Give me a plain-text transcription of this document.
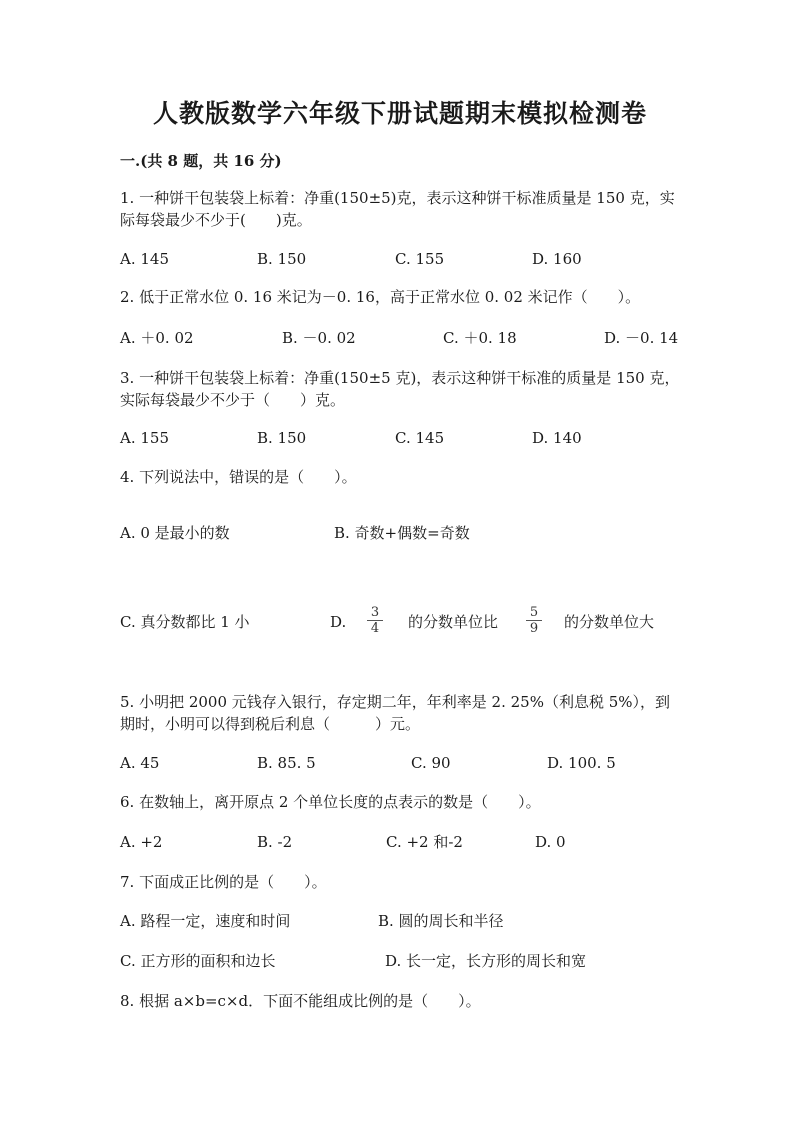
人教版数学六年级下册试题期末模拟检测卷
一.(共 8 题，共 16 分)
1. 一种饼干包装袋上标着：净重(150±5)克，表示这种饼干标准质量是 150 克，实际每袋最少不少于(　　)克。
A. 145	B. 150	C. 155	D. 160
2. 低于正常水位 0. 16 米记为－0. 16，高于正常水位 0. 02 米记作（　　）。
A. ＋0. 02	B. －0. 02	C. ＋0. 18	D. －0. 14
3. 一种饼干包装袋上标着：净重(150±5 克)，表示这种饼干标准的质量是 150 克，实际每袋最少不少于（　　）克。
A. 155	B. 150	C. 145	D. 140
4. 下列说法中，错误的是（　　）。
A. 0 是最小的数	B. 奇数+偶数=奇数
C. 真分数都比 1 小	D. $\frac{3}{4}$ 的分数单位比 $\frac{5}{9}$ 的分数单位大
5. 小明把 2000 元钱存入银行，存定期二年，年利率是 2. 25%（利息税 5%），到期时，小明可以得到税后利息（　　　）元。
A. 45	B. 85. 5	C. 90	D. 100. 5
6. 在数轴上，离开原点 2 个单位长度的点表示的数是（　　）。
A. +2	B. -2	C. +2 和-2	D. 0
7. 下面成正比例的是（　　）。
A. 路程一定，速度和时间	B. 圆的周长和半径
C. 正方形的面积和边长	D. 长一定，长方形的周长和宽
8. 根据 a×b=c×d．下面不能组成比例的是（　　）。
